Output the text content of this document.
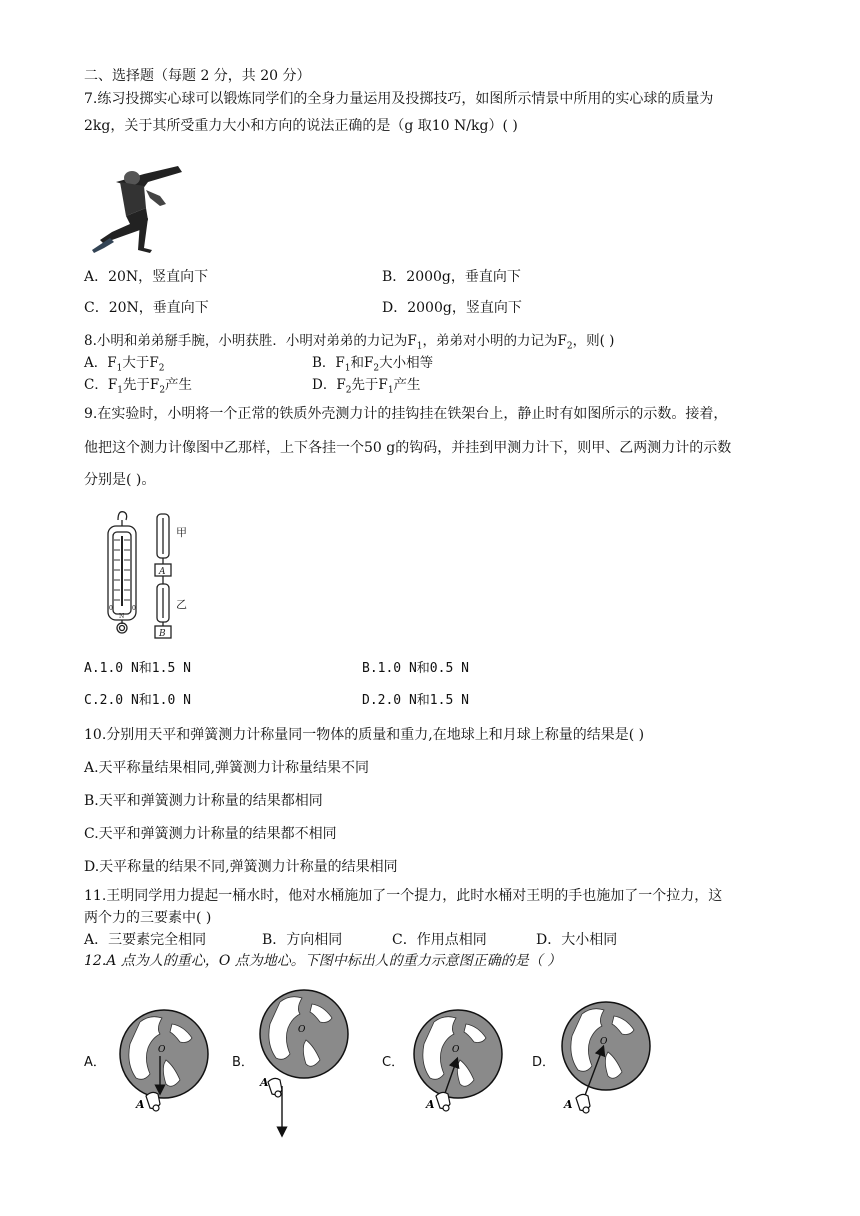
二、选择题（每题 2 分，共 20 分）
7.练习投掷实心球可以锻炼同学们的全身力量运用及投掷技巧，如图所示情景中所用的实心球的质量为
2kg，关于其所受重力大小和方向的说法正确的是（g 取10 N/kg）( )
A．20N，竖直向下	B．2000g，垂直向下
C．20N，垂直向下	D．2000g，竖直向下
8.小明和弟弟掰手腕，小明获胜．小明对弟弟的力记为$F_1$，弟弟对小明的力记为$F_2$，则( )
A．$F_1$大于$F_2$	B．$F_1$和$F_2$大小相等
C．$F_1$先于$F_2$产生	D．$F_2$先于$F_1$产生
9.在实验时，小明将一个正常的铁质外壳测力计的挂钩挂在铁架台上，静止时有如图所示的示数。接着，
他把这个测力计像图中乙那样，上下各挂一个50 g的钩码，并挂到甲测力计下，则甲、乙两测力计的示数
分别是( )。
甲
乙
A
B
0	0
N
A.1.0 N和1.5 N	B.1.0 N和0.5 N
C.2.0 N和1.0 N	D.2.0 N和1.5 N
10.分别用天平和弹簧测力计称量同一物体的质量和重力,在地球上和月球上称量的结果是( )
A.天平称量结果相同,弹簧测力计称量结果不同
B.天平和弹簧测力计称量的结果都相同
C.天平和弹簧测力计称量的结果都不相同
D.天平称量的结果不同,弹簧测力计称量的结果相同
11.王明同学用力提起一桶水时，他对水桶施加了一个提力，此时水桶对王明的手也施加了一个拉力，这
两个力的三要素中( )
A．三要素完全相同	B．方向相同	C．作用点相同	D．大小相同
12.A 点为人的重心，O 点为地心。下图中标出人的重力示意图正确的是（ ）
A．	B．	C．	D．
O
A
O
A
O
A
O
A
